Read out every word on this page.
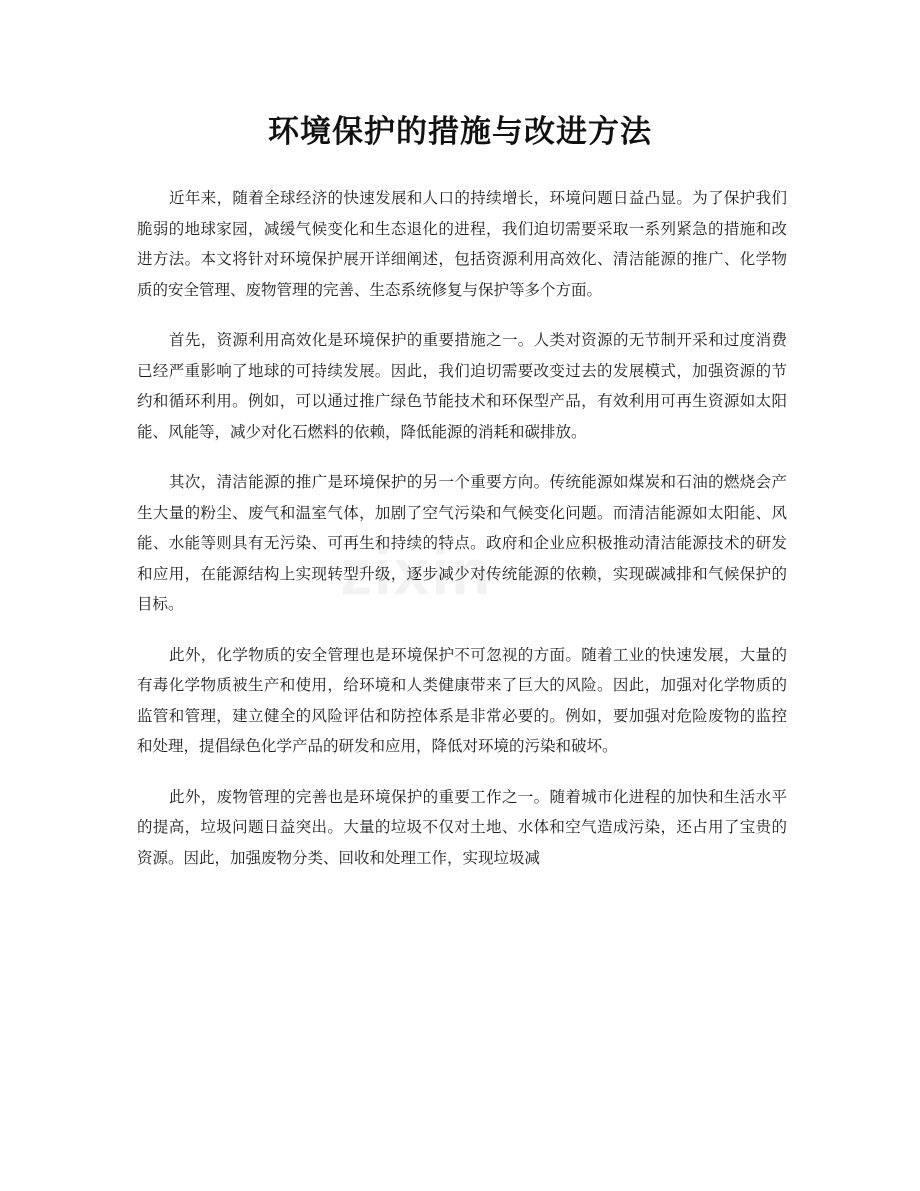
zixin
环境保护的措施与改进方法

近年来，随着全球经济的快速发展和人口的持续增长，环境问题日益凸显。为了保护我们脆弱的地球家园，减缓气候变化和生态退化的进程，我们迫切需要采取一系列紧急的措施和改进方法。本文将针对环境保护展开详细阐述，包括资源利用高效化、清洁能源的推广、化学物质的安全管理、废物管理的完善、生态系统修复与保护等多个方面。

首先，资源利用高效化是环境保护的重要措施之一。人类对资源的无节制开采和过度消费已经严重影响了地球的可持续发展。因此，我们迫切需要改变过去的发展模式，加强资源的节约和循环利用。例如，可以通过推广绿色节能技术和环保型产品，有效利用可再生资源如太阳能、风能等，减少对化石燃料的依赖，降低能源的消耗和碳排放。

其次，清洁能源的推广是环境保护的另一个重要方向。传统能源如煤炭和石油的燃烧会产生大量的粉尘、废气和温室气体，加剧了空气污染和气候变化问题。而清洁能源如太阳能、风能、水能等则具有无污染、可再生和持续的特点。政府和企业应积极推动清洁能源技术的研发和应用，在能源结构上实现转型升级，逐步减少对传统能源的依赖，实现碳减排和气候保护的目标。

此外，化学物质的安全管理也是环境保护不可忽视的方面。随着工业的快速发展，大量的有毒化学物质被生产和使用，给环境和人类健康带来了巨大的风险。因此，加强对化学物质的监管和管理，建立健全的风险评估和防控体系是非常必要的。例如，要加强对危险废物的监控和处理，提倡绿色化学产品的研发和应用，降低对环境的污染和破坏。

此外，废物管理的完善也是环境保护的重要工作之一。随着城市化进程的加快和生活水平的提高，垃圾问题日益突出。大量的垃圾不仅对土地、水体和空气造成污染，还占用了宝贵的资源。因此，加强废物分类、回收和处理工作，实现垃圾减
